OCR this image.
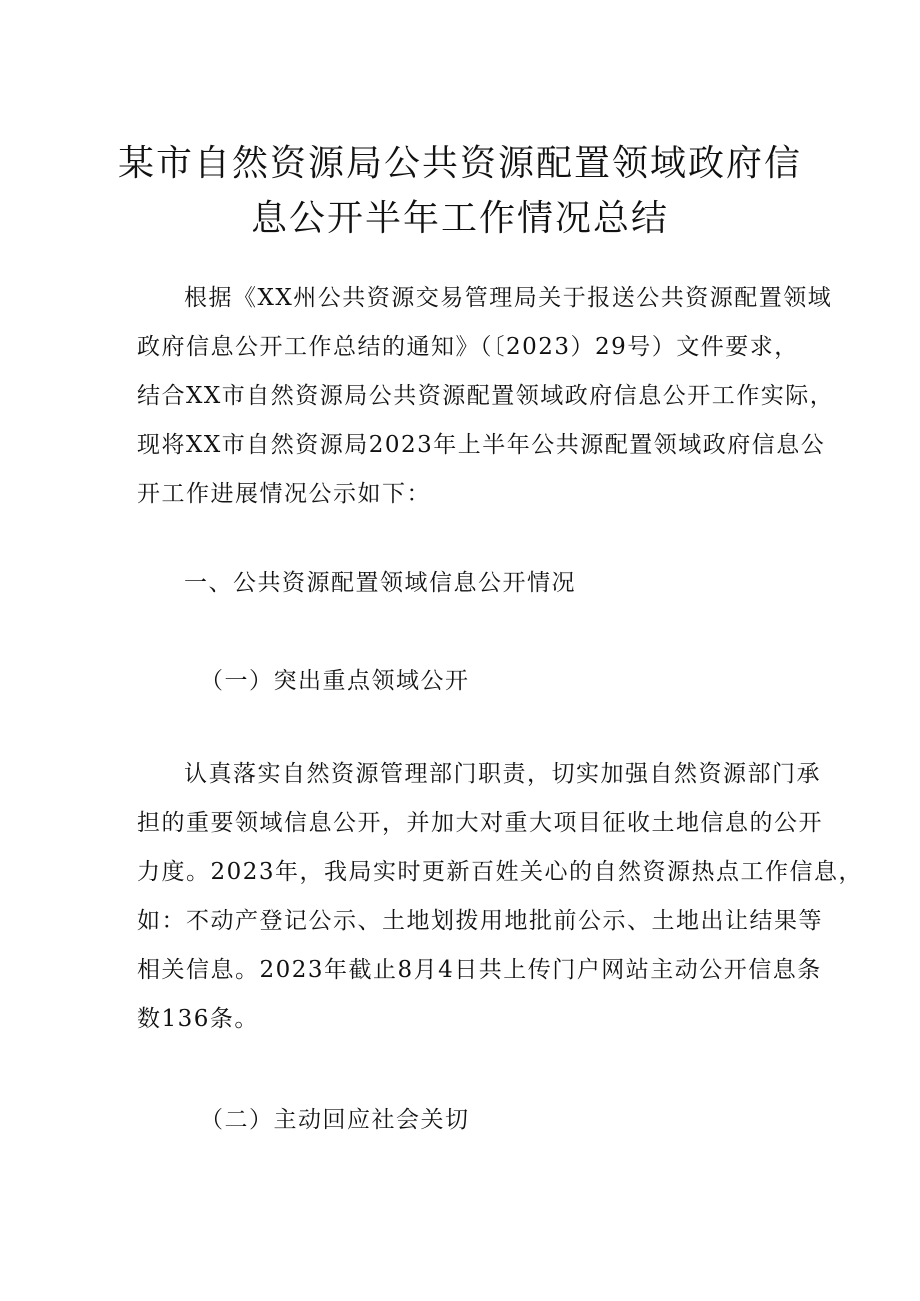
某市自然资源局公共资源配置领域政府信
息公开半年工作情况总结
根据《XX州公共资源交易管理局关于报送公共资源配置领域
政府信息公开工作总结的通知》（〔2023）29号）文件要求，
结合XX市自然资源局公共资源配置领域政府信息公开工作实际，
现将XX市自然资源局2023年上半年公共源配置领域政府信息公
开工作进展情况公示如下：
一、公共资源配置领域信息公开情况
（一）突出重点领域公开
认真落实自然资源管理部门职责，切实加强自然资源部门承
担的重要领域信息公开，并加大对重大项目征收土地信息的公开
力度。2023年，我局实时更新百姓关心的自然资源热点工作信息，
如：不动产登记公示、土地划拨用地批前公示、土地出让结果等
相关信息。2023年截止8月4日共上传门户网站主动公开信息条
数136条。
（二）主动回应社会关切
